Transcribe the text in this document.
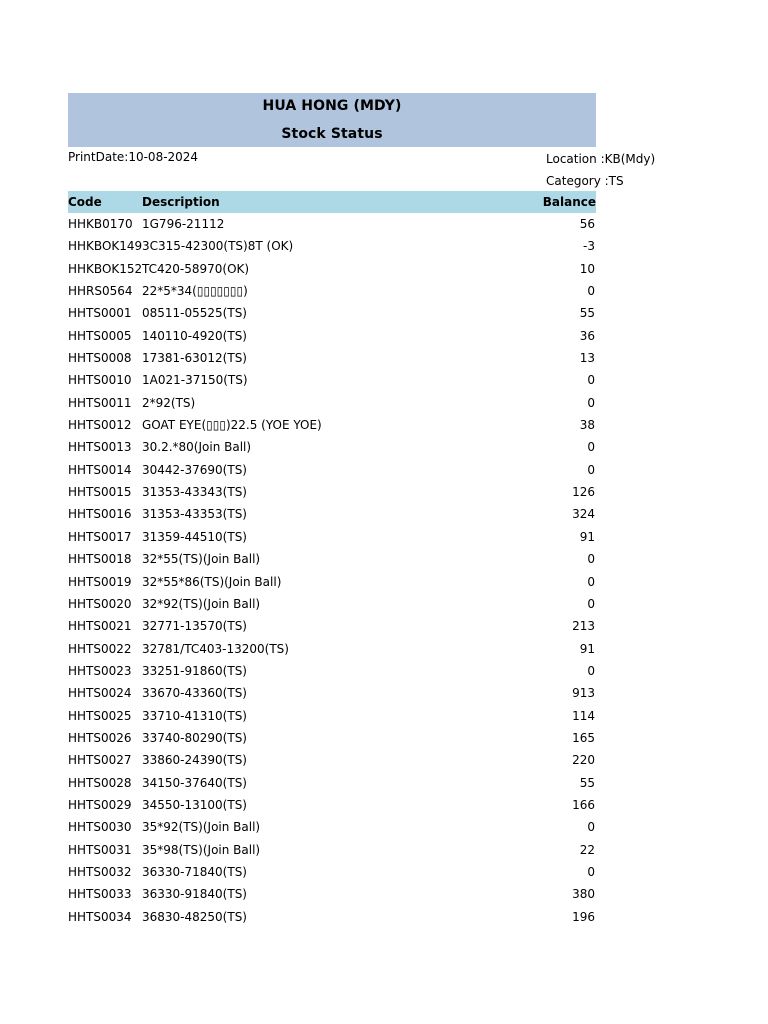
HUA HONG (MDY)
Stock Status
PrintDate:10-08-2024	Location :KB(Mdy)
Category :TS
Code	Description	Balance
HHKB0170 1G796-21112	56
HHKBOK149 3C315-42300(TS)8T (OK)	-3
HHKBOK152 TC420-58970(OK)	10
HHRS0564 22*5*34(▯▯▯▯▯▯▯)	0
HHTS0001 08511-05525(TS)	55
HHTS0005 140110-4920(TS)	36
HHTS0008 17381-63012(TS)	13
HHTS0010 1A021-37150(TS)	0
HHTS0011 2*92(TS)	0
HHTS0012 GOAT EYE(▯▯▯)22.5 (YOE YOE)	38
HHTS0013 30.2.*80(Join Ball)	0
HHTS0014 30442-37690(TS)	0
HHTS0015 31353-43343(TS)	126
HHTS0016 31353-43353(TS)	324
HHTS0017 31359-44510(TS)	91
HHTS0018 32*55(TS)(Join Ball)	0
HHTS0019 32*55*86(TS)(Join Ball)	0
HHTS0020 32*92(TS)(Join Ball)	0
HHTS0021 32771-13570(TS)	213
HHTS0022 32781/TC403-13200(TS)	91
HHTS0023 33251-91860(TS)	0
HHTS0024 33670-43360(TS)	913
HHTS0025 33710-41310(TS)	114
HHTS0026 33740-80290(TS)	165
HHTS0027 33860-24390(TS)	220
HHTS0028 34150-37640(TS)	55
HHTS0029 34550-13100(TS)	166
HHTS0030 35*92(TS)(Join Ball)	0
HHTS0031 35*98(TS)(Join Ball)	22
HHTS0032 36330-71840(TS)	0
HHTS0033 36330-91840(TS)	380
HHTS0034 36830-48250(TS)	196
